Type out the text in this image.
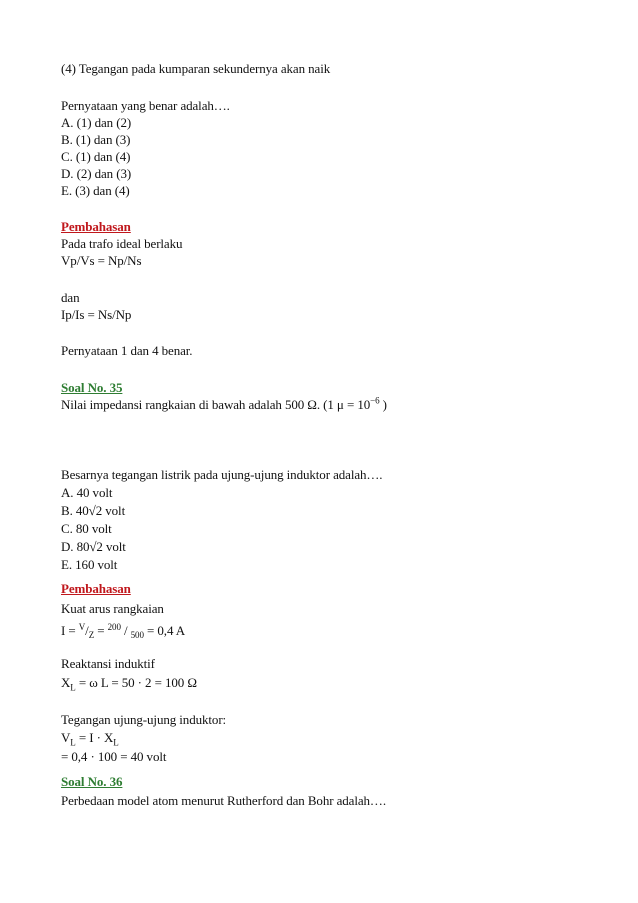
(4) Tegangan pada kumparan sekundernya akan naik
Pernyataan yang benar adalah….
A. (1) dan (2)
B. (1) dan (3)
C. (1) dan (4)
D. (2) dan (3)
E. (3) dan (4)
Pembahasan
Pada trafo ideal berlaku
Vp/Vs = Np/Ns
dan
Ip/Is = Ns/Np
Pernyataan 1 dan 4 benar.
Soal No. 35
Nilai impedansi rangkaian di bawah adalah 500 Ω. (1 $\mu = 10^{-6}$ )
Besarnya tegangan listrik pada ujung-ujung induktor adalah….
A. 40 volt
B. 40√2 volt
C. 80 volt
D. 80√2 volt
E. 160 volt
Pembahasan
Kuat arus rangkaian
$I = ^V/_Z = ^{200} / _{500} = 0,4$ A
Reaktansi induktif
$X_L = \omega$ L = 50 · 2 = 100 Ω
Tegangan ujung-ujung induktor:
$V_L = I \cdot X_L$
= 0,4 · 100 = 40 volt
Soal No. 36
Perbedaan model atom menurut Rutherford dan Bohr adalah….
